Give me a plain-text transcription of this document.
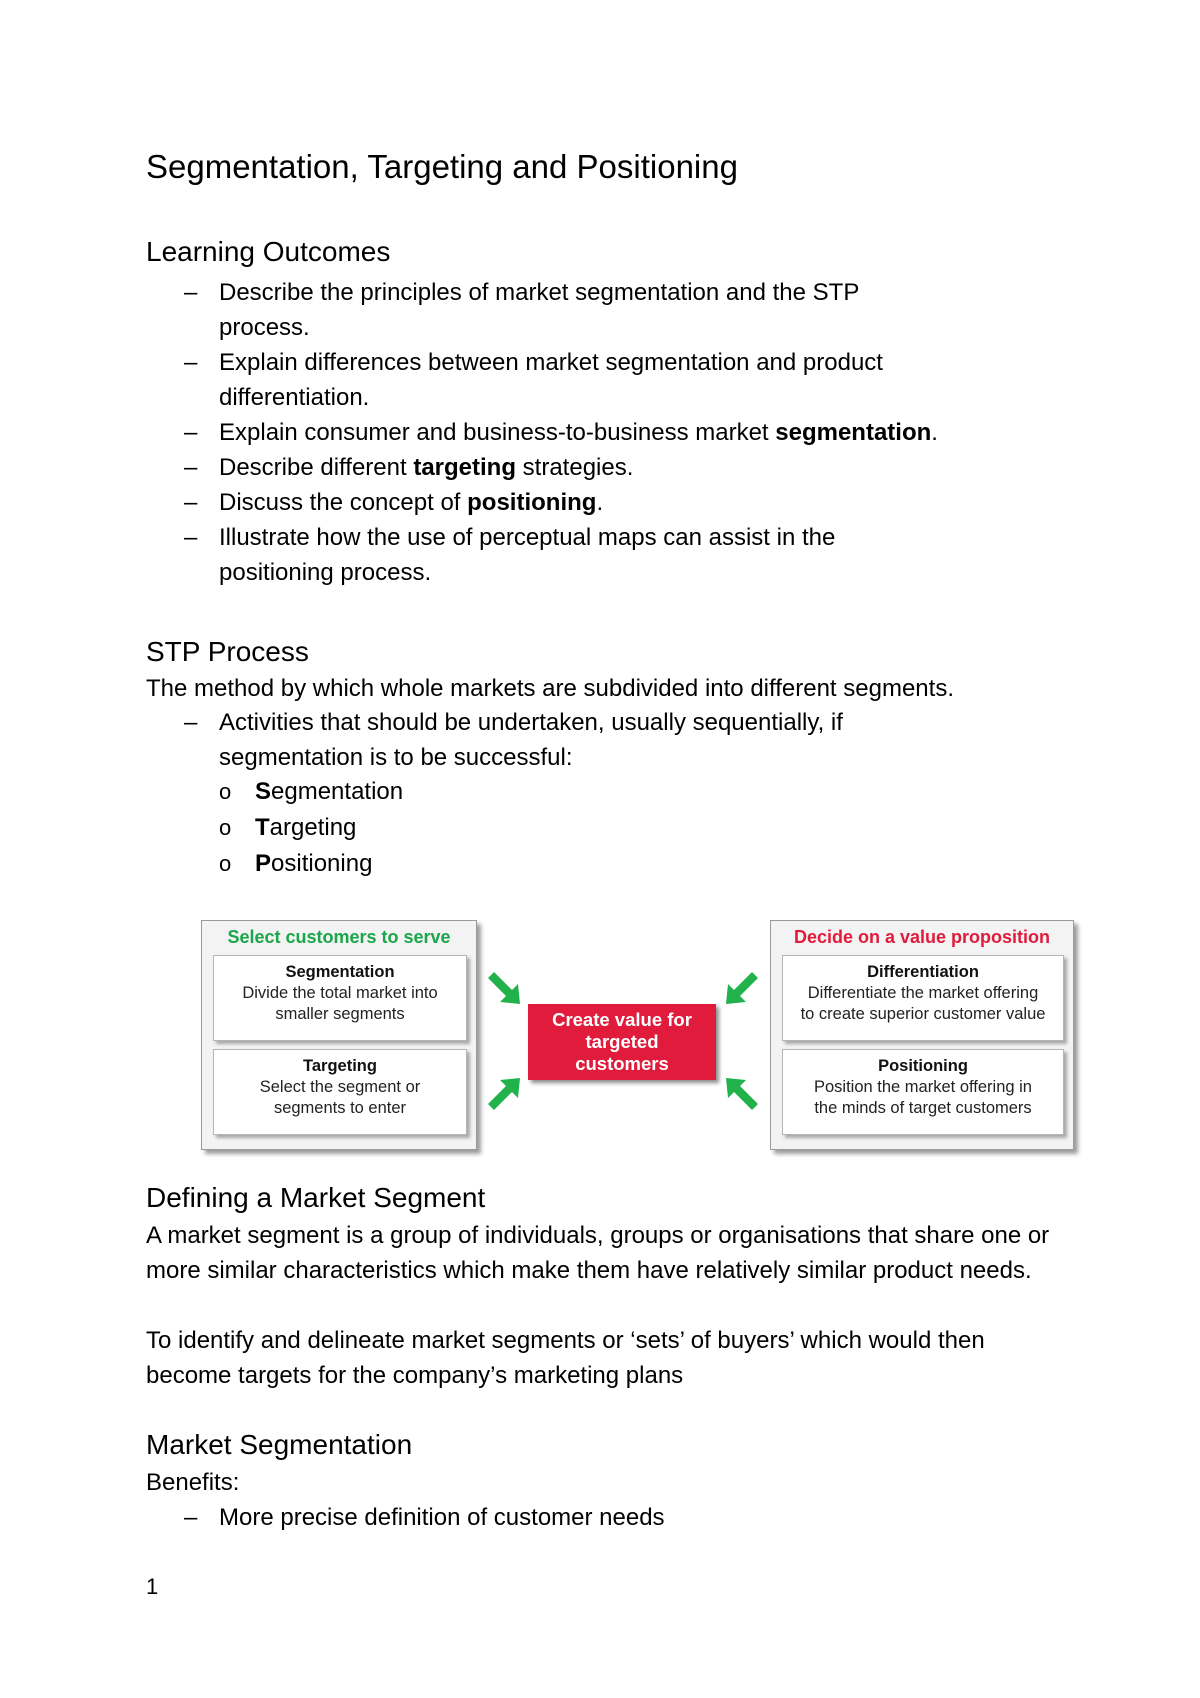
Segmentation, Targeting and Positioning
Learning Outcomes
– Describe the principles of market segmentation and the STP process.
– Explain differences between market segmentation and product differentiation.
– Explain consumer and business-to-business market segmentation.
– Describe different targeting strategies.
– Discuss the concept of positioning.
– Illustrate how the use of perceptual maps can assist in the positioning process.
STP Process

The method by which whole markets are subdivided into different segments.

– Activities that should be undertaken, usually sequentially, if segmentation is to be successful:
o Segmentation
o Targeting
o Positioning
Select customers to serve
Segmentation
Divide the total market into
smaller segments
Targeting
Select the segment or
segments to enter
Decide on a value proposition
Differentiation
Differentiate the market offering
to create superior customer value
Positioning
Position the market offering in
the minds of target customers
Create value for targeted customers
Defining a Market Segment

A market segment is a group of individuals, groups or organisations that share one or more similar characteristics which make them have relatively similar product needs.

To identify and delineate market segments or ‘sets’ of buyers’ which would then become targets for the company’s marketing plans

Market Segmentation

Benefits:

– More precise definition of customer needs
1
